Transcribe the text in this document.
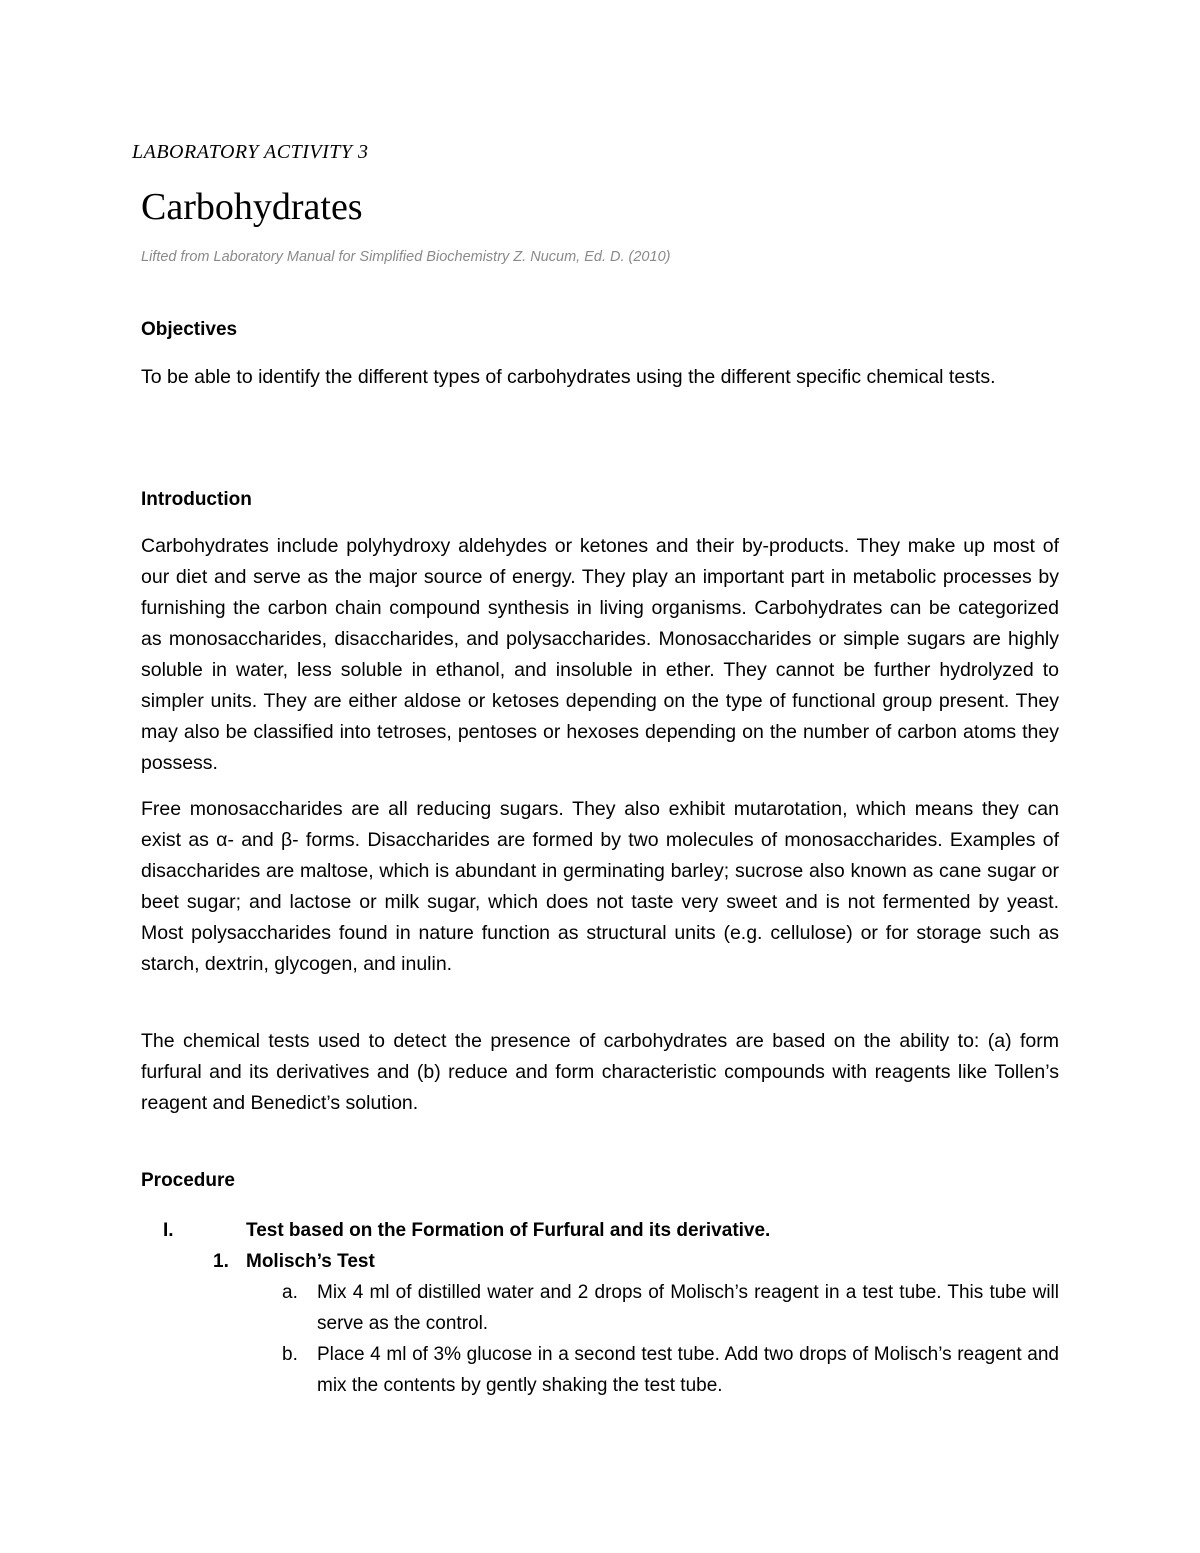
LABORATORY ACTIVITY 3

Carbohydrates

Lifted from Laboratory Manual for Simplified Biochemistry Z. Nucum, Ed. D. (2010)

Objectives

To be able to identify the different types of carbohydrates using the different specific chemical tests.

Introduction

Carbohydrates include polyhydroxy aldehydes or ketones and their by-products. They make up most of our diet and serve as the major source of energy. They play an important part in metabolic processes by furnishing the carbon chain compound synthesis in living organisms. Carbohydrates can be categorized as monosaccharides, disaccharides, and polysaccharides. Monosaccharides or simple sugars are highly soluble in water, less soluble in ethanol, and insoluble in ether. They cannot be further hydrolyzed to simpler units. They are either aldose or ketoses depending on the type of functional group present. They may also be classified into tetroses, pentoses or hexoses depending on the number of carbon atoms they possess.

Free monosaccharides are all reducing sugars. They also exhibit mutarotation, which means they can exist as α- and β- forms. Disaccharides are formed by two molecules of monosaccharides. Examples of disaccharides are maltose, which is abundant in germinating barley; sucrose also known as cane sugar or beet sugar; and lactose or milk sugar, which does not taste very sweet and is not fermented by yeast. Most polysaccharides found in nature function as structural units (e.g. cellulose) or for storage such as starch, dextrin, glycogen, and inulin.

The chemical tests used to detect the presence of carbohydrates are based on the ability to: (a) form furfural and its derivatives and (b) reduce and form characteristic compounds with reagents like Tollen’s reagent and Benedict’s solution.

Procedure
I.	Test based on the Formation of Furfural and its derivative.
1. Molisch’s Test
a. Mix 4 ml of distilled water and 2 drops of Molisch’s reagent in a test tube. This tube will serve as the control.
b. Place 4 ml of 3% glucose in a second test tube. Add two drops of Molisch’s reagent and mix the contents by gently shaking the test tube.
